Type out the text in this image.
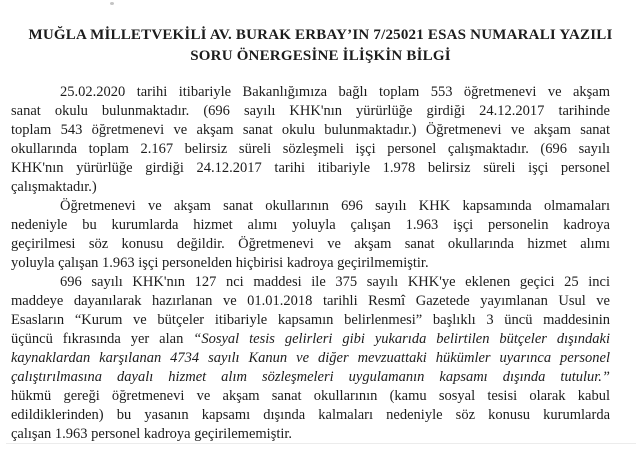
MUĞLA MİLLETVEKİLİ AV. BURAK ERBAY’IN 7/25021 ESAS NUMARALI YAZILI
SORU ÖNERGESİNE İLİŞKİN BİLGİ
25.02.2020 tarihi itibariyle Bakanlığımıza bağlı toplam 553 öğretmenevi ve akşam
sanat okulu bulunmaktadır. (696 sayılı KHK'nın yürürlüğe girdiği 24.12.2017 tarihinde
toplam 543 öğretmenevi ve akşam sanat okulu bulunmaktadır.) Öğretmenevi ve akşam sanat
okullarında toplam 2.167 belirsiz süreli sözleşmeli işçi personel çalışmaktadır. (696 sayılı
KHK'nın yürürlüğe girdiği 24.12.2017 tarihi itibariyle 1.978 belirsiz süreli işçi personel
çalışmaktadır.)
Öğretmenevi ve akşam sanat okullarının 696 sayılı KHK kapsamında olmamaları
nedeniyle bu kurumlarda hizmet alımı yoluyla çalışan 1.963 işçi personelin kadroya
geçirilmesi söz konusu değildir. Öğretmenevi ve akşam sanat okullarında hizmet alımı
yoluyla çalışan 1.963 işçi personelden hiçbirisi kadroya geçirilmemiştir.
696 sayılı KHK'nın 127 nci maddesi ile 375 sayılı KHK'ye eklenen geçici 25 inci
maddeye dayanılarak hazırlanan ve 01.01.2018 tarihli Resmî Gazetede yayımlanan Usul ve
Esasların “Kurum ve bütçeler itibariyle kapsamın belirlenmesi” başlıklı 3 üncü maddesinin
üçüncü fıkrasında yer alan “Sosyal tesis gelirleri gibi yukarıda belirtilen bütçeler dışındaki
kaynaklardan karşılanan 4734 sayılı Kanun ve diğer mevzuattaki hükümler uyarınca personel
çalıştırılmasına dayalı hizmet alım sözleşmeleri uygulamanın kapsamı dışında tutulur.”
hükmü gereği öğretmenevi ve akşam sanat okullarının (kamu sosyal tesisi olarak kabul
edildiklerinden) bu yasanın kapsamı dışında kalmaları nedeniyle söz konusu kurumlarda
çalışan 1.963 personel kadroya geçirilememiştir.
